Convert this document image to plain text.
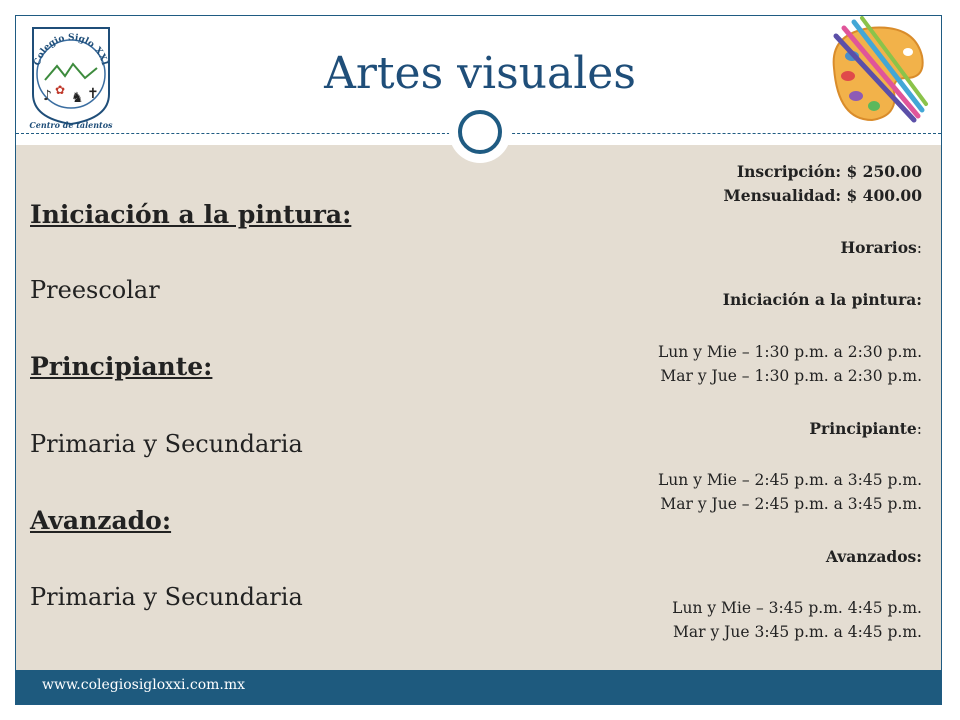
www.colegiosigloxxi.com.mx
Colegio Siglo XXI
♪ ✿ ♞ ✝
Centro de talentos
Artes visuales
Iniciación a la pintura:
Preescolar
Principiante:
Primaria y Secundaria
Avanzado:
Primaria y Secundaria
Inscripción: $ 250.00
Mensualidad: $ 400.00
Horarios:
Iniciación a la pintura:
Lun y Mie – 1:30 p.m. a 2:30 p.m.
Mar y Jue – 1:30 p.m. a 2:30 p.m.
Principiante:
Lun y Mie – 2:45 p.m. a 3:45 p.m.
Mar y Jue – 2:45 p.m. a 3:45 p.m.
Avanzados:
Lun y Mie – 3:45 p.m. 4:45 p.m.
Mar y Jue 3:45 p.m. a 4:45 p.m.
